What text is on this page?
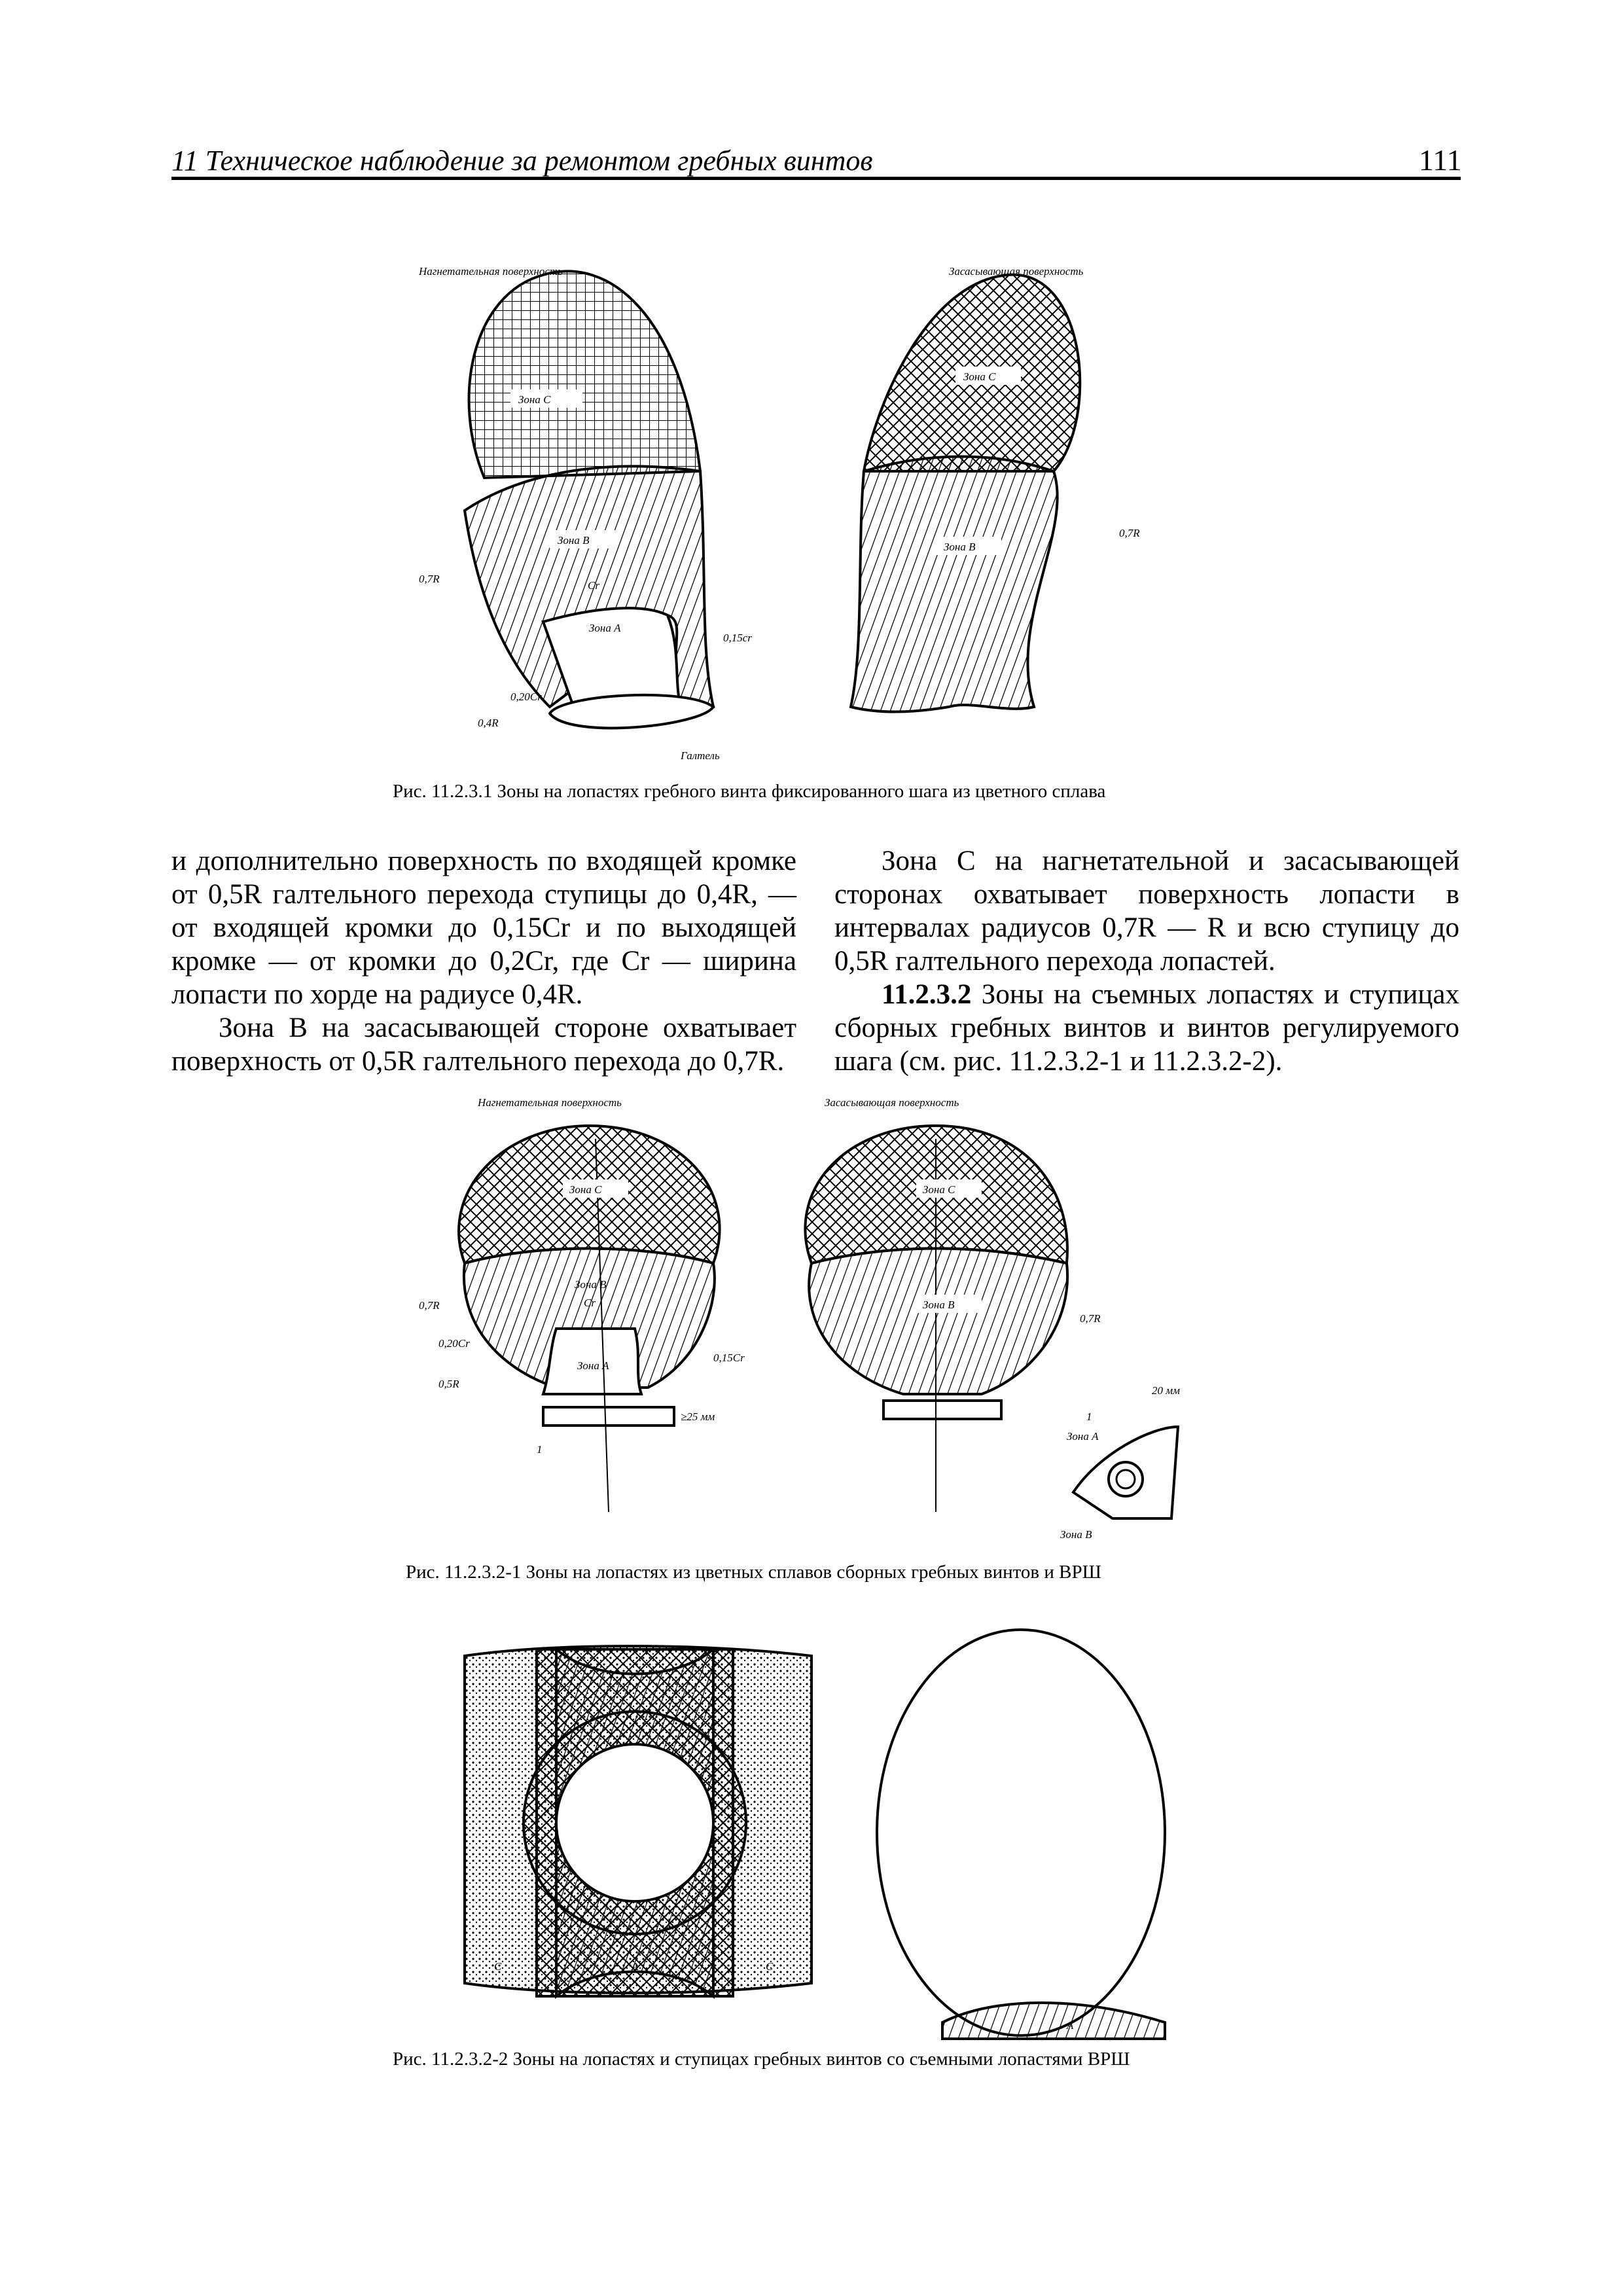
11 Техническое наблюдение за ремонтом гребных винтов	111
Зона С
Зона В
Cr
Зона А
0,7R
0,4R
0,20Cr
0,15cr
Галтель
Нагнетательная поверхность
Зона С
Зона В
0,7R
Засасывающая поверхность
Рис. 11.2.3.1 Зоны на лопастях гребного винта фиксированного шага из цветного сплава

и дополнительно поверхность по входящей кромке от 0,5R галтельного перехода ступицы до 0,4R, — от входящей кромки до 0,15Cr и по выходящей кромке — от кромки до 0,2Cr, где Cr — ширина лопасти по хорде на радиусе 0,4R.

Зона B на засасывающей стороне охватывает поверхность от 0,5R галтельного перехода до 0,7R.

Зона C на нагнетательной и засасывающей сторонах охватывает поверхность лопасти в интервалах радиусов 0,7R — R и всю ступицу до 0,5R галтельного перехода лопастей.

11.2.3.2 Зоны на съемных лопастях и ступицах сборных гребных винтов и винтов регулируемого шага (см. рис. 11.2.3.2-1 и 11.2.3.2-2).

Зона С
Зона В
Cr
Зона А
0,7R
0,20Cr
0,5R
0,15Cr
≥25 мм
1
Нагнетательная поверхность
Зона С
Зона В
0,7R
Засасывающая поверхность
20 мм
1
Зона А
Зона В
Рис. 11.2.3.2-1 Зоны на лопастях из цветных сплавов сборных гребных винтов и ВРШ
С	А	С
А
Рис. 11.2.3.2-2 Зоны на лопастях и ступицах гребных винтов со съемными лопастями ВРШ
